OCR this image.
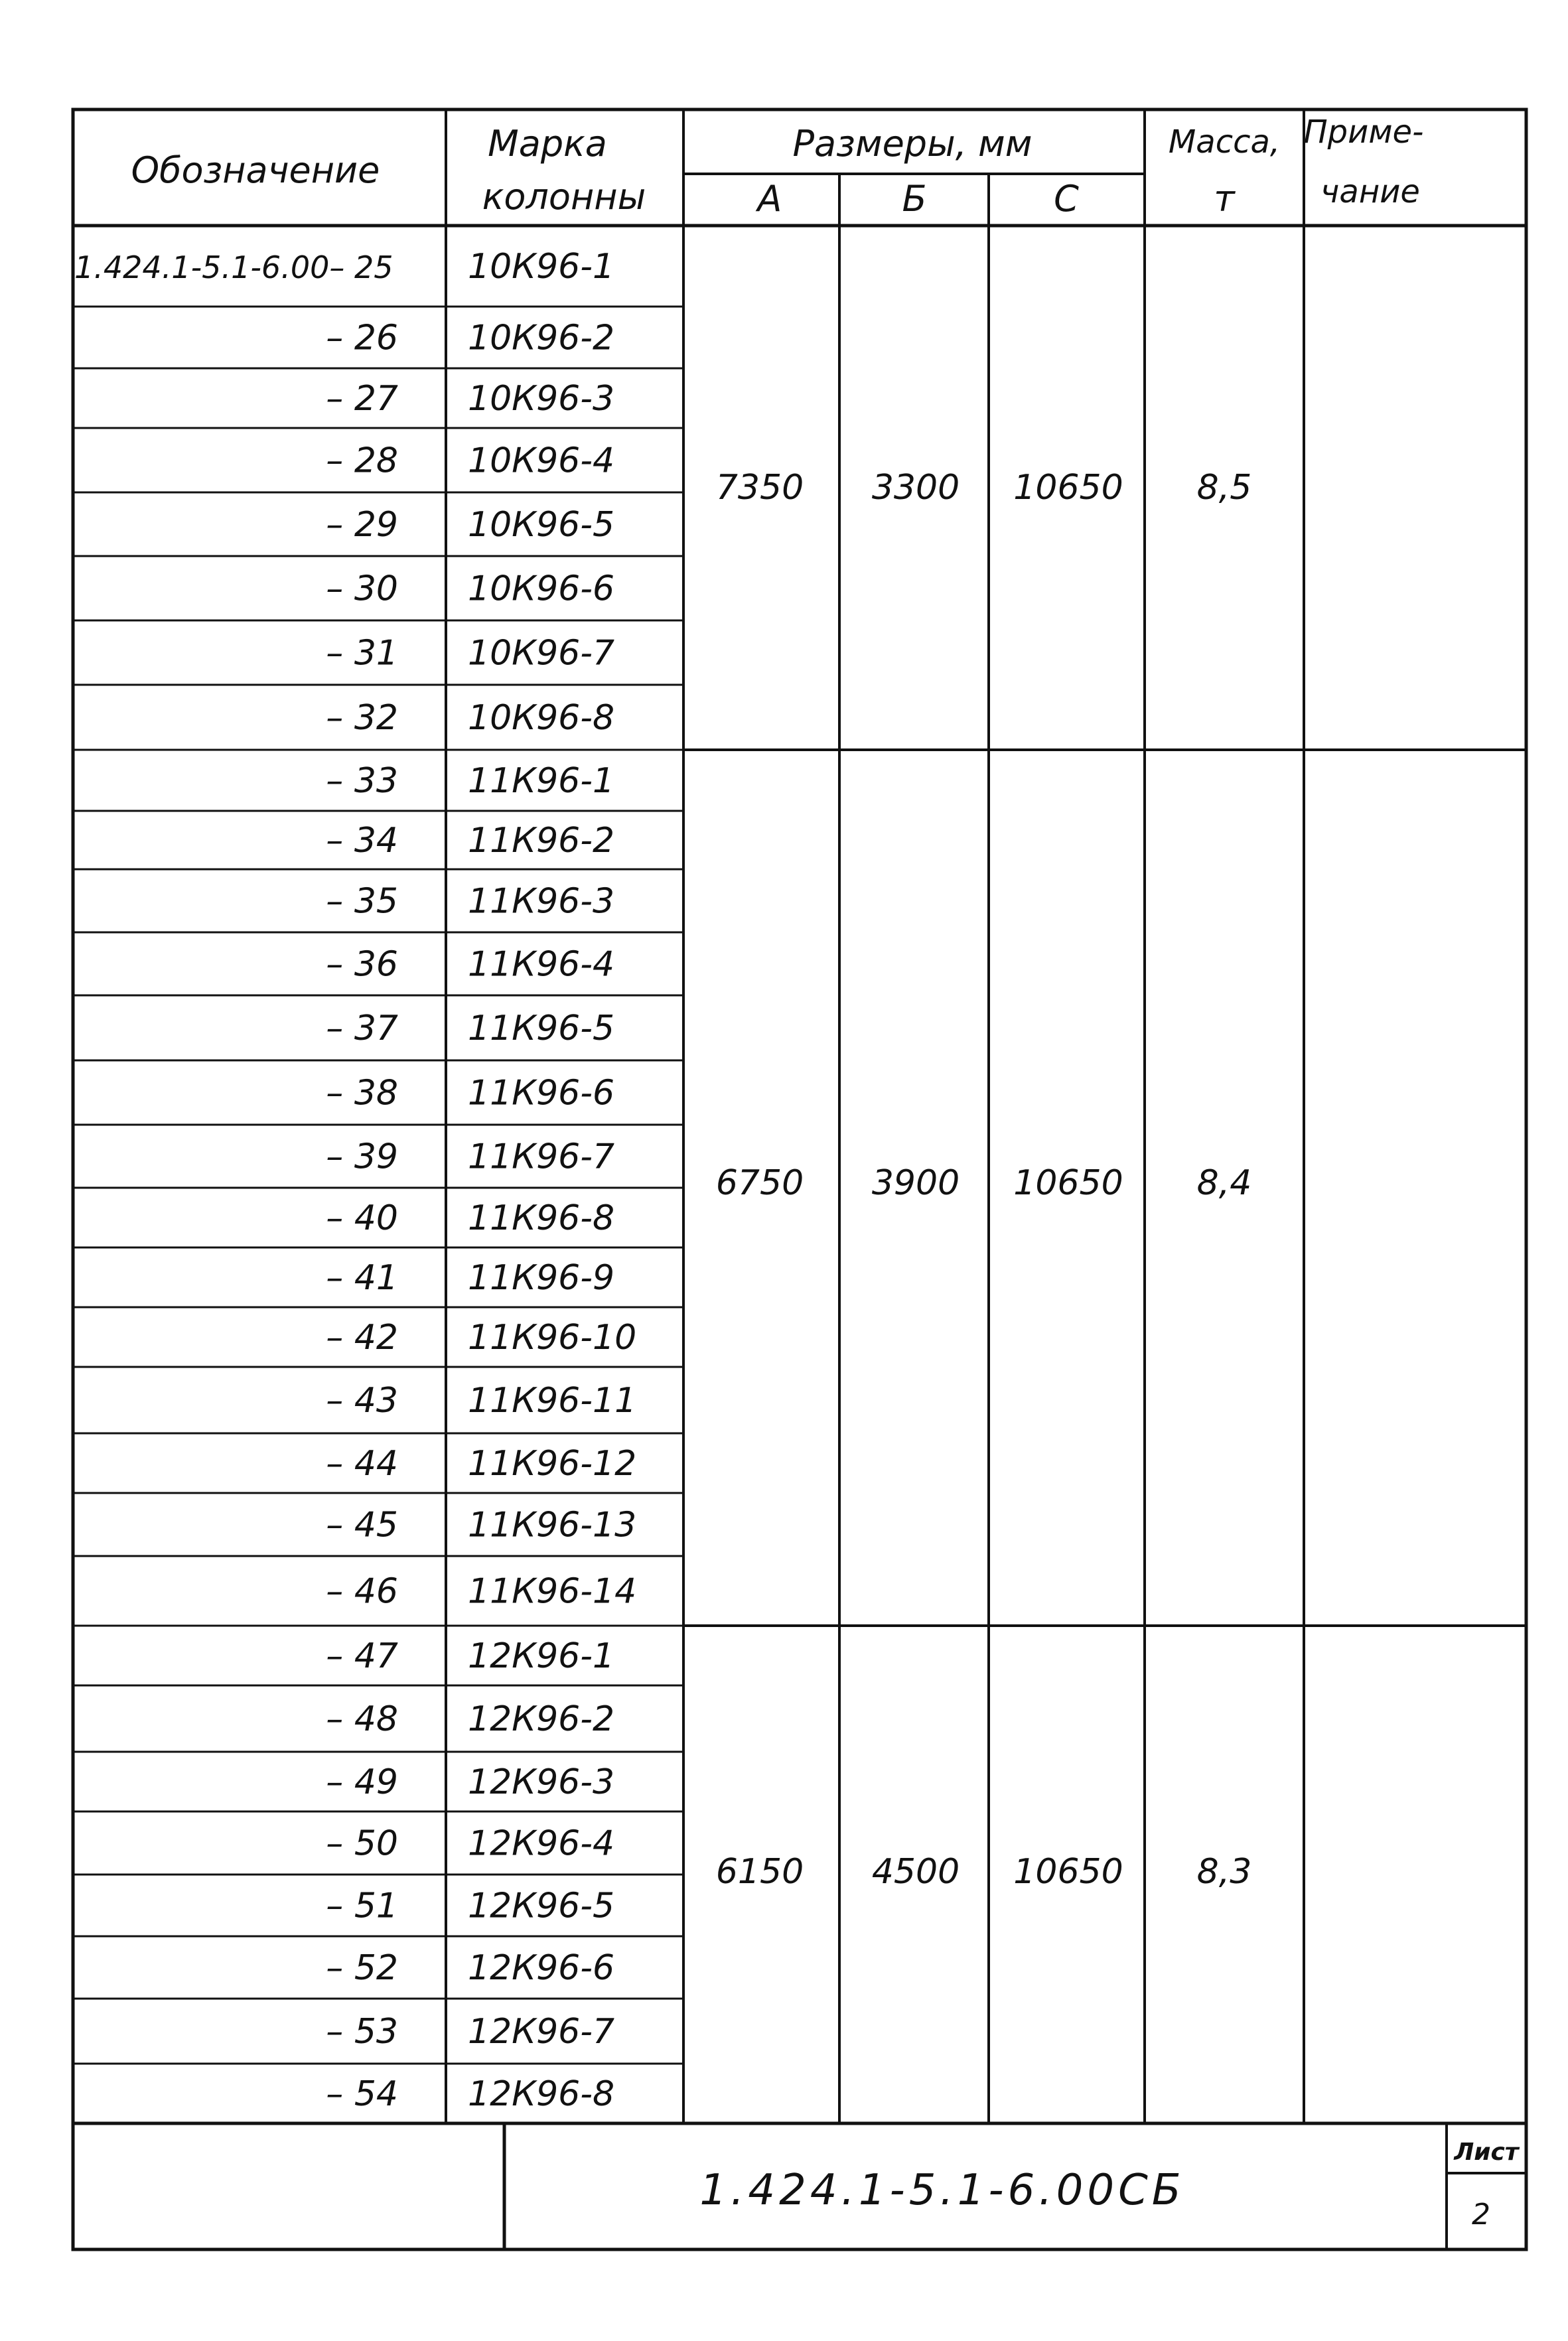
Обозначение
Марка
колонны
Размеры, мм
А	Б	С
Масса,
т
Приме-
чание
1.424.1-5.1-6.00– 25 10К96-1
– 26 10К96-2
– 27 10К96-3
– 28 10К96-4
– 29 10К96-5
– 30 10К96-6
– 31 10К96-7
– 32 10К96-8
– 33 11К96-1
– 34 11К96-2
– 35 11К96-3
– 36 11К96-4
– 37 11К96-5
– 38 11К96-6
– 39 11К96-7
– 40 11К96-8
– 41 11К96-9
– 42 11К96-10
– 43 11К96-11
– 44 11К96-12
– 45 11К96-13
– 46 11К96-14
– 47 12К96-1
– 48 12К96-2
– 49 12К96-3
– 50 12К96-4
– 51 12К96-5
– 52 12К96-6
– 53 12К96-7
– 54 12К96-8
7350 3300 10650 8,5
6750 3900 10650 8,4
6150 4500 10650 8,3
1.424.1-5.1-6.00СБ
Лист
2
